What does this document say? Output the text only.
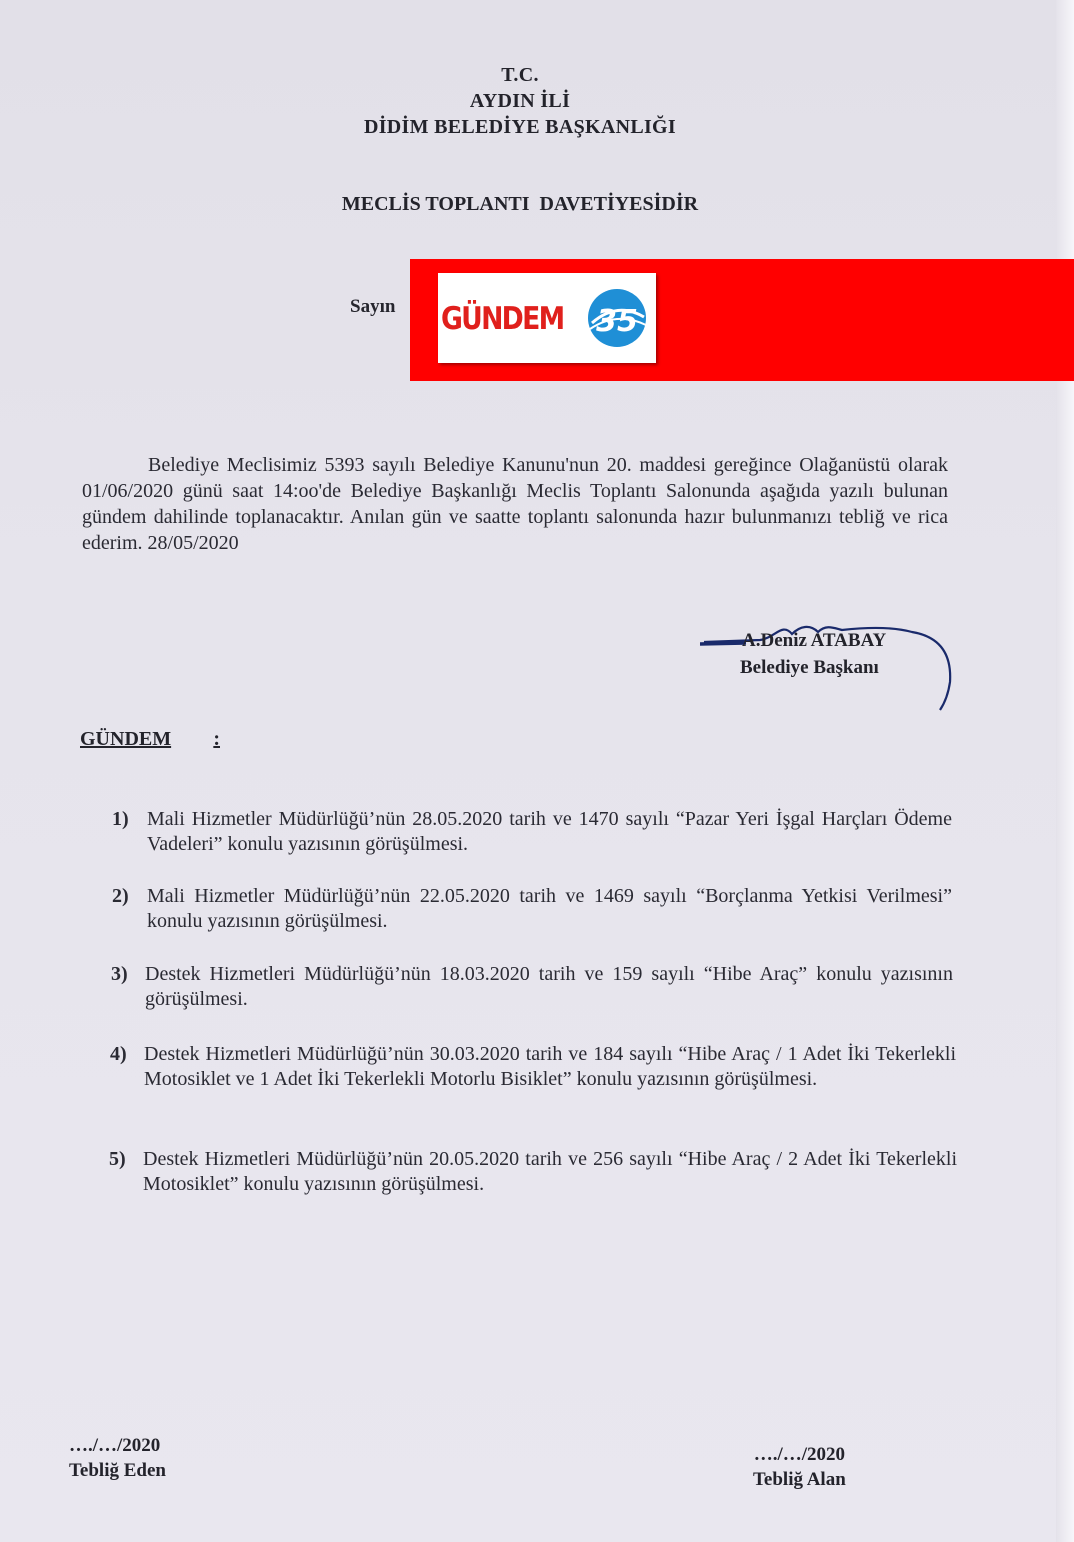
T.C.
AYDIN İLİ
DİDİM BELEDİYE BAŞKANLIĞI
MECLİS TOPLANTI  DAVETİYESİDİR
Sayın GÜNDEM 35
Belediye Meclisimiz 5393 sayılı Belediye Kanunu'nun 20. maddesi gereğince Olağanüstü olarak 01/06/2020 günü saat 14:oo'de Belediye Başkanlığı Meclis Toplantı Salonunda aşağıda yazılı bulunan gündem dahilinde toplanacaktır. Anılan gün ve saatte toplantı salonunda hazır bulunmanızı tebliğ ve rica ederim. 28/05/2020
A.Deniz ATABAY
Belediye Başkanı
GÜNDEM	:
1) Mali Hizmetler Müdürlüğü’nün 28.05.2020 tarih ve 1470 sayılı “Pazar Yeri İşgal Harçları Ödeme Vadeleri” konulu yazısının görüşülmesi.
2) Mali Hizmetler Müdürlüğü’nün 22.05.2020 tarih ve 1469 sayılı “Borçlanma Yetkisi Verilmesi” konulu yazısının görüşülmesi.
3) Destek Hizmetleri Müdürlüğü’nün 18.03.2020 tarih ve 159 sayılı “Hibe Araç” konulu yazısının görüşülmesi.
4) Destek Hizmetleri Müdürlüğü’nün 30.03.2020 tarih ve 184 sayılı “Hibe Araç / 1 Adet İki Tekerlekli Motosiklet ve 1 Adet İki Tekerlekli Motorlu Bisiklet” konulu yazısının görüşülmesi.
5) Destek Hizmetleri Müdürlüğü’nün 20.05.2020 tarih ve 256 sayılı “Hibe Araç / 2 Adet İki Tekerlekli Motosiklet” konulu yazısının görüşülmesi.
…./…/2020
Tebliğ Eden
…./…/2020
Tebliğ Alan
